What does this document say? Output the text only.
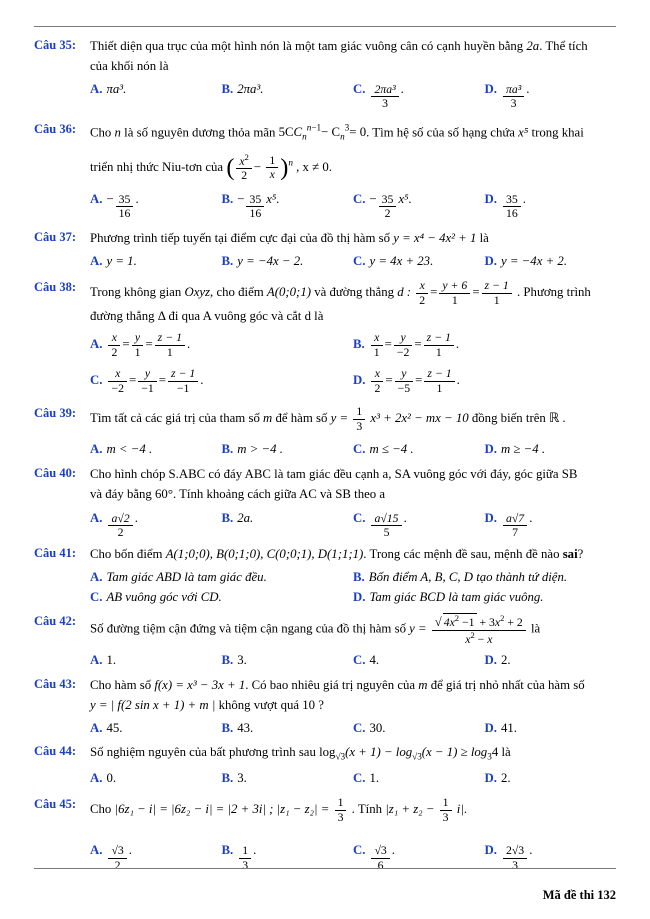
Câu 35:	Thiết diện qua trục của một hình nón là một tam giác vuông cân có cạnh huyền bằng 2a. Thể tích
của khối nón là
A. πa³.	B. 2πa³.	C. $\frac{\text{2πa³}}{3}$ .	D. $\frac{\text{πa³}}{3}$ .
Câu 36:	Cho n là số nguyên dương thỏa mãn $5CC_n^{n-1}- C_n^3= 0$. Tìm hệ số của số hạng chứa x⁵ trong khai
triển nhị thức Niu-tơn của ( $\frac{x^2}{2} - \frac{1}{x} )^n$ , x ≠ 0.
A. − $\frac{35}{16}$ .	B. − $\frac{35}{16} x^5$.	C. − $\frac{35}{2} x^5$.	D. $\frac{35}{16}$ .
Câu 37:	Phương trình tiếp tuyến tại điểm cực đại của đồ thị hàm số y = x⁴ − 4x² + 1 là
A. y = 1.	B. y = −4x − 2.	C. y = 4x + 23.	D. y = −4x + 2.
Câu 38:	Trong không gian Oxyz, cho điểm A(0;0;1) và đường thẳng d : $\frac{x}{2} = \frac{y + 6}{1} = \frac{z - 1}{1}$ . Phương trình
đường thẳng Δ đi qua A vuông góc và cắt d là
A. $\frac{x}{2} = \frac{y}{1} = \frac{z - 1}{1}$ .	B. $\frac{x}{1} = \frac{y}{-2} = \frac{z - 1}{1}$ .
C. $\frac{x}{-2} = \frac{y}{-1} = \frac{z - 1}{-1}$ .	D. $\frac{x}{2} = \frac{y}{-5} = \frac{z - 1}{1}$ .
Câu 39:	Tìm tất cả các giá trị của tham số m để hàm số $y = \frac{1}{3} x^3 + 2x^2$ − mx − 10 đồng biến trên ℝ .
A. m < −4 .	B. m > −4 .	C. m ≤ −4 .	D. m ≥ −4 .
Câu 40:	Cho hình chóp S.ABC có đáy ABC là tam giác đều cạnh a, SA vuông góc với đáy, góc giữa SB
và đáy bằng 60°. Tính khoảng cách giữa AC và SB theo a
A. $\frac{a√2}{2}$ .	B. 2a.	C. $\frac{a√15}{5}$ .	D. $\frac{a√7}{7}$ .
Câu 41:	Cho bốn điểm A(1;0;0), B(0;1;0), C(0;0;1), D(1;1;1). Trong các mệnh đề sau, mệnh đề nào sai?
A. Tam giác ABD là tam giác đều.	B. Bốn điểm A, B, C, D tạo thành tứ diện.
C. AB vuông góc với CD.	D. Tam giác BCD là tam giác vuông.
Câu 42:
Số đường tiệm cận đứng và tiệm cận ngang của đồ thị hàm số $y = \frac{√ 4x^2 -1 + 3x^2 + 2}{x^2 - x}$ là
A. 1.	B. 3.	C. 4.	D. 2.
Câu 43:	Cho hàm số f(x) = x³ − 3x + 1. Có bao nhiêu giá trị nguyên của m để giá trị nhỏ nhất của hàm số
y = | f(2 sin x + 1) + m | không vượt quá 10 ?
A. 45.	B. 43.	C. 30.	D. 41.
Câu 44:	Số nghiệm nguyên của bất phương trình sau $\log_{√3}(x + 1) - \log_{√3}(x - 1) \ge \log_34$ là
A. 0.	B. 3.	C. 1.	D. 2.
Câu 45:	Cho |6z₁ − i| = |6z₂ − i| = |2 + 3i| ; $|z_1 - z_2| = \frac{1}{3}$ . Tính $|z_1 + z_2 - \frac{1}{3} i|$.
A. $\frac{√3}{2}$ .	B. $\frac{1}{3}$ .	C. $\frac{√3}{6}$ .	D. $\frac{2√3}{3}$ .
Mã đề thi 132
